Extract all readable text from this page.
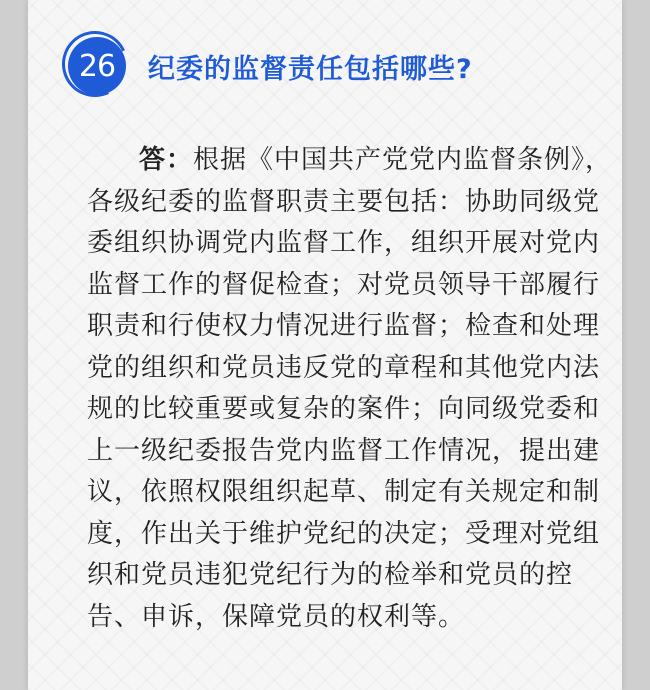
26 纪委的监督责任包括哪些?

答：根据《中国共产党党内监督条例》，各级纪委的监督职责主要包括：协助同级党委组织协调党内监督工作，组织开展对党内监督工作的督促检查；对党员领导干部履行职责和行使权力情况进行监督；检查和处理党的组织和党员违反党的章程和其他党内法规的比较重要或复杂的案件；向同级党委和上一级纪委报告党内监督工作情况，提出建议，依照权限组织起草、制定有关规定和制度，作出关于维护党纪的决定；受理对党组织和党员违犯党纪行为的检举和党员的控告、申诉，保障党员的权利等。
